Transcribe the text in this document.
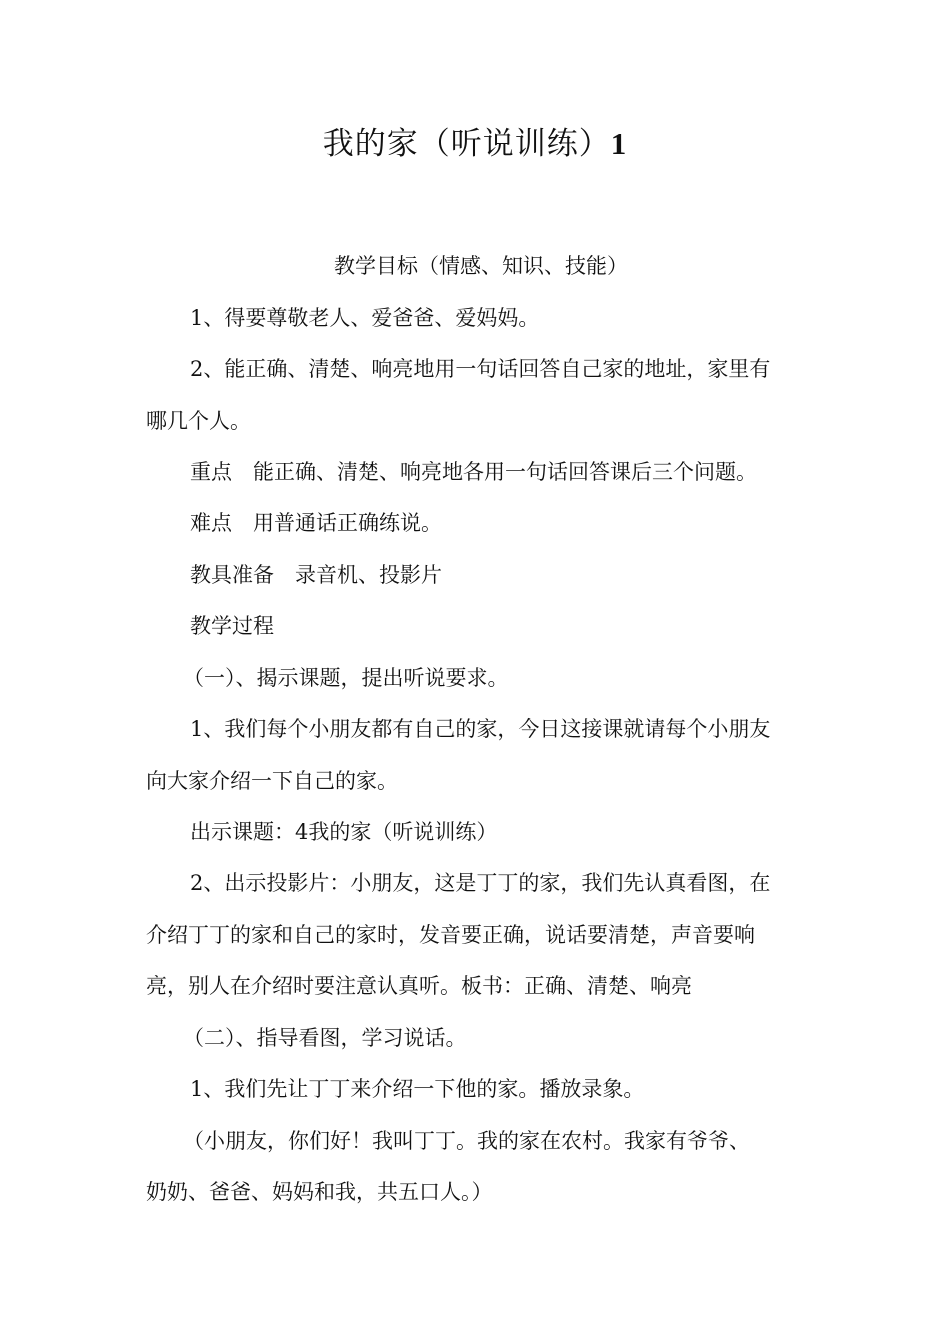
我的家（听说训练）1
教学目标（情感、知识、技能）
1、得要尊敬老人、爱爸爸、爱妈妈。
2、能正确、清楚、响亮地用一句话回答自己家的地址，家里有
哪几个人。
重点　能正确、清楚、响亮地各用一句话回答课后三个问题。
难点　用普通话正确练说。
教具准备　录音机、投影片
教学过程
（一）、揭示课题，提出听说要求。
1、我们每个小朋友都有自己的家，今日这接课就请每个小朋友
向大家介绍一下自己的家。
出示课题：4我的家（听说训练）
2、出示投影片：小朋友，这是丁丁的家，我们先认真看图，在
介绍丁丁的家和自己的家时，发音要正确，说话要清楚，声音要响
亮，别人在介绍时要注意认真听。板书：正确、清楚、响亮
（二）、指导看图，学习说话。
1、我们先让丁丁来介绍一下他的家。播放录象。
（小朋友，你们好！我叫丁丁。我的家在农村。我家有爷爷、
奶奶、爸爸、妈妈和我，共五口人。）
